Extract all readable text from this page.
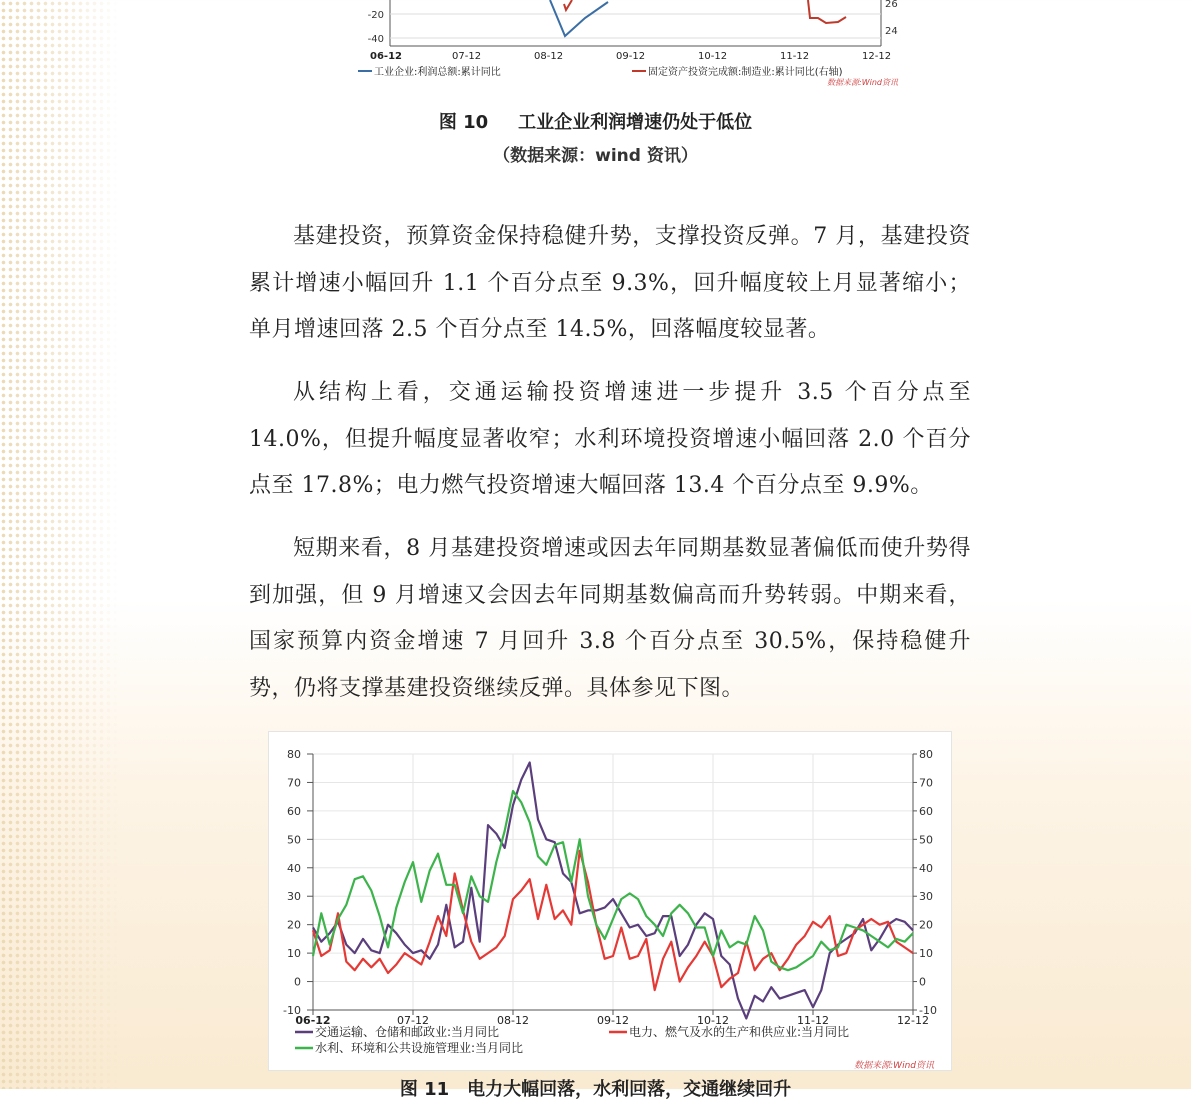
-20
-40
26
24
06-12	07-12	08-12	09-12	10-12	11-12	12-12
工业企业:利润总额:累计同比	固定资产投资完成额:制造业:累计同比(右轴)
数据来源:Wind资讯
图 10 工业企业利润增速仍处于低位
（数据来源：wind 资讯）

基建投资，预算资金保持稳健升势，支撑投资反弹。7 月，基建投资累计增速小幅回升 1.1 个百分点至 9.3%，回升幅度较上月显著缩小；单月增速回落 2.5 个百分点至 14.5%，回落幅度较显著。

从结构上看，交通运输投资增速进一步提升 3.5 个百分点至 14.0%，但提升幅度显著收窄；水利环境投资增速小幅回落 2.0 个百分点至 17.8%；电力燃气投资增速大幅回落 13.4 个百分点至 9.9%。

短期来看，8 月基建投资增速或因去年同期基数显著偏低而使升势得到加强，但 9 月增速又会因去年同期基数偏高而升势转弱。中期来看，国家预算内资金增速 7 月回升 3.8 个百分点至 30.5%，保持稳健升势，仍将支撑基建投资继续反弹。具体参见下图。

80	80
70	70
60	60
50	50
40	40
30	30
20	20
10	10
0	0
-10	-10
06-12	07-12	08-12	09-12	10-12	11-12	12-12
交通运输、仓储和邮政业:当月同比	电力、燃气及水的生产和供应业:当月同比
水利、环境和公共设施管理业:当月同比
数据来源:Wind资讯
图 11 电力大幅回落，水利回落，交通继续回升
